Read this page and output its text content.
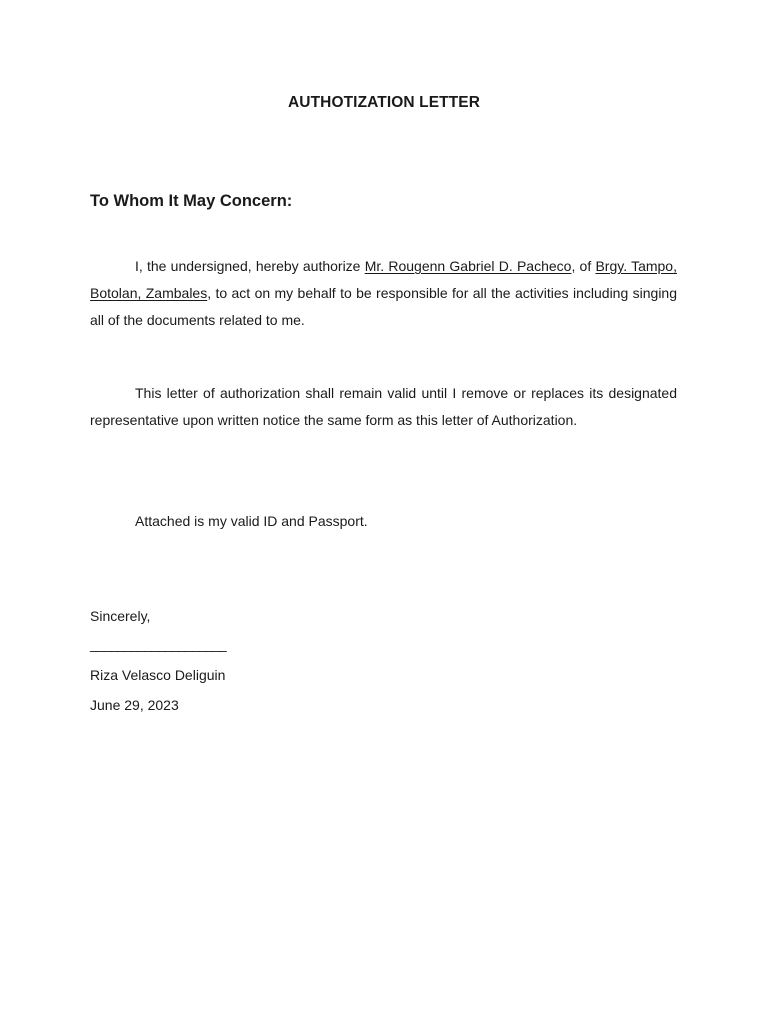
AUTHOTIZATION LETTER

To Whom It May Concern:

I, the undersigned, hereby authorize Mr. Rougenn Gabriel D. Pacheco, of Brgy. Tampo, Botolan, Zambales, to act on my behalf to be responsible for all the activities including singing all of the documents related to me.

This letter of authorization shall remain valid until I remove or replaces its designated representative upon written notice the same form as this letter of Authorization.

Attached is my valid ID and Passport.

Sincerely,

____________________

Riza Velasco Deliguin

June 29, 2023
